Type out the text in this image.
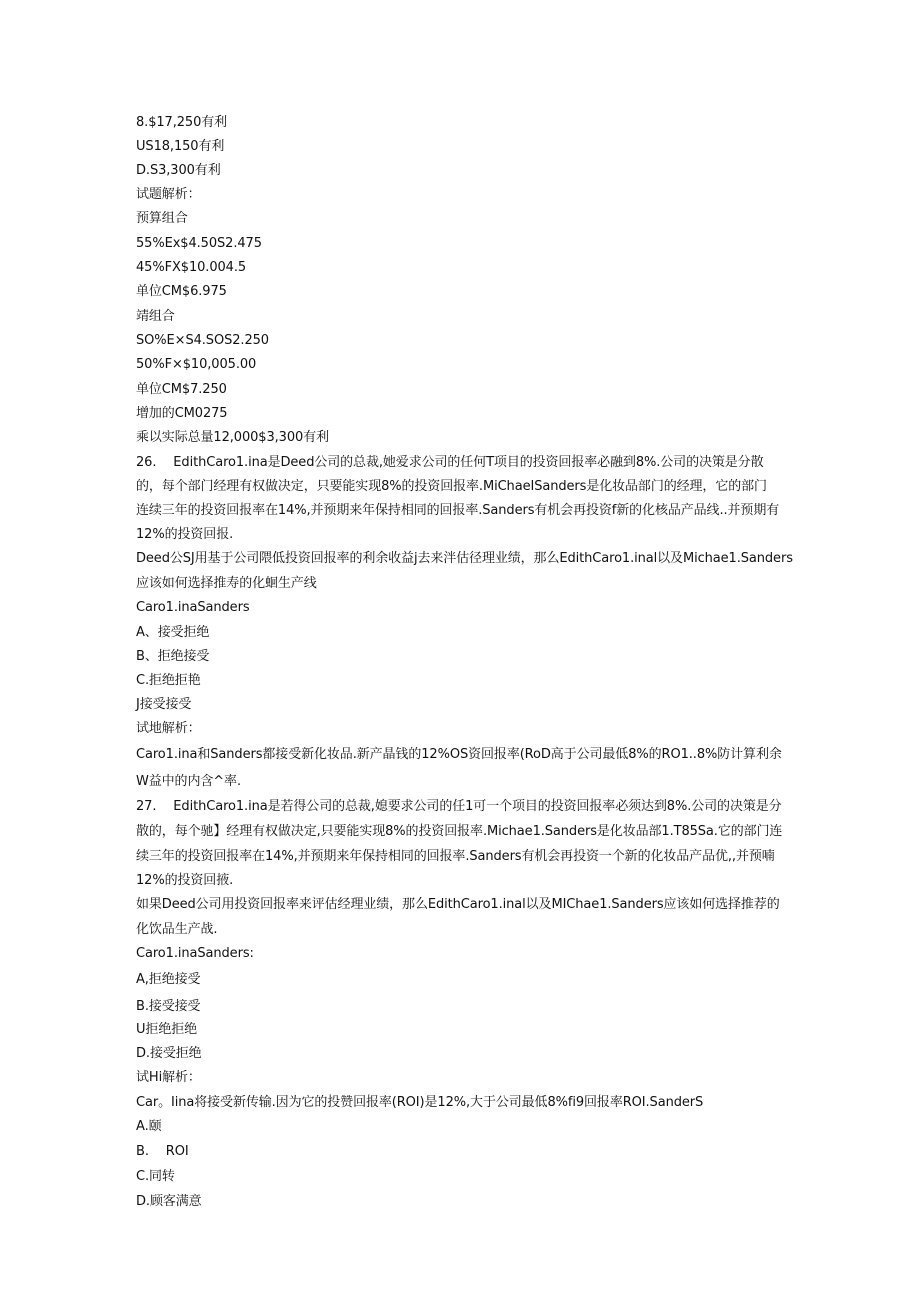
8.$17,250有利

US18,150有利

D.S3,300有利

试题解析：

预算组合

55%Ex$4.50S2.475

45%FX$10.004.5

单位CM$6.975

靖组合

SO%E×S4.SOS2.250

50%F×$10,005.00

单位CM$7.250

增加的CM0275

乘以实际总量12,000$3,300有利

26.　 EdithCaro1.ina是Deed公司的总裁,她爱求公司的任何T项目的投资回报率必融到8%.公司的决策是分散

的，每个部门经理有权做决定，只要能实现8%的投资回报率.MiChaeISanders是化妆品部门的经理，它的部门

连续三年的投资回报率在14%,并预期来年保持相同的回报率.Sanders有机会再投资f新的化核品产品线..并预期有

12%的投资回报.

Deed公SJ用基于公司隈低投资回报率的利余收益j去来泮估径理业绩，那么EdithCaro1.inal以及Michae1.Sanders

应该如何选择推寿的化蛔生产线

Caro1.inaSanders

A、接受拒绝

B、拒绝接受

C.拒绝拒艳

J接受接受

试地解析：

Caro1.ina和Sanders都接受新化妆品.新产晶钱的12%OS资回报率(RoD高于公司最低8%的RO1..8%防计算利余

W益中的内含^率.

27.　 EdithCaro1.ina是若得公司的总裁,媳要求公司的任1可一个项目的投资回报率必须达到8%.公司的决策是分

散的，每个驰】经理有权做决定,只要能实现8%的投资回报率.Michae1.Sanders是化妆品部1.T85Sa.它的部门连

续三年的投资回报率在14%,并预期来年保持相同的回报率.Sanders有机会再投资一个新的化妆品产品优,,并预喃

12%的投资回掖.

如果Deed公司用投资回报率来评估经理业绩，那么EdithCaro1.inal以及MIChae1.Sanders应该如何选择推荐的

化饮品生产战.

Caro1.inaSanders:

A,拒绝接受

B.接受接受

U拒绝拒绝

D.接受拒绝

试Hi解析：

Car。Iina将接受新传输.因为它的投赞回报率(ROI)是12%,大于公司最低8%fi9回报率ROI.SanderS

A.颐

B.　 ROI

C.同转

D.顾客满意
